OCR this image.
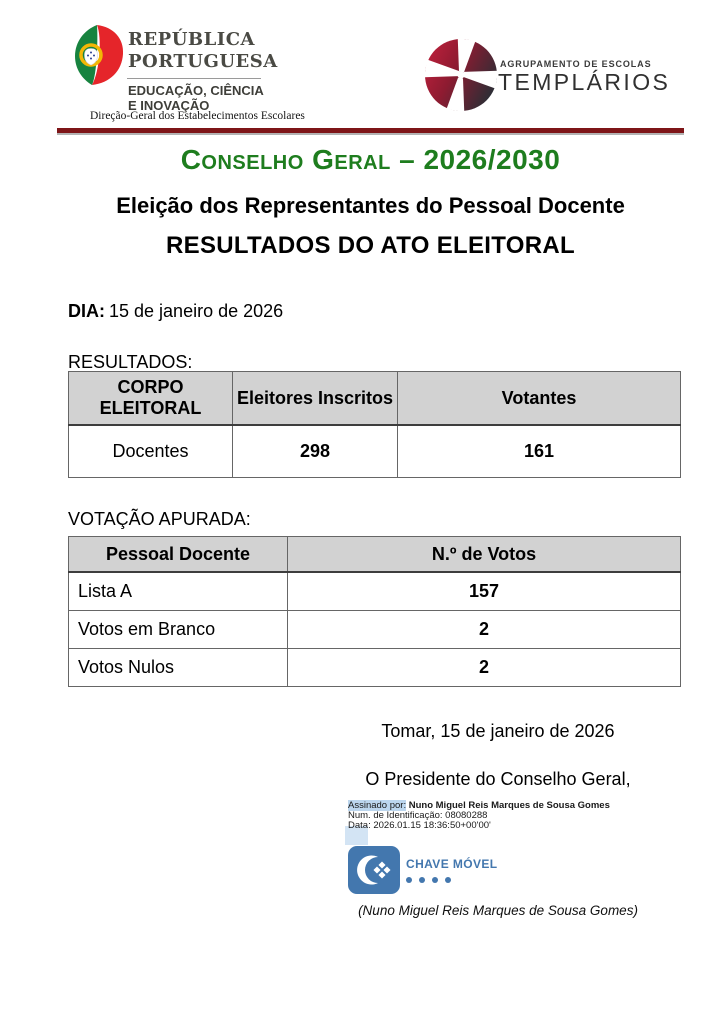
REPÚBLICA
PORTUGUESA
EDUCAÇÃO, CIÊNCIA
E INOVAÇÃO
Direção-Geral dos Estabelecimentos Escolares
AGRUPAMENTO DE ESCOLAS
TEMPLÁRIOS
Conselho Geral – 2026/2030
Eleição dos Representantes do Pessoal Docente
RESULTADOS DO ATO ELEITORAL
DIA: 15 de janeiro de 2026
RESULTADOS:
CORPO ELEITORAL	Eleitores Inscritos	Votantes
Docentes	298	161
VOTAÇÃO APURADA:
Pessoal Docente	N.º de Votos
Lista A	157
Votos em Branco	2
Votos Nulos	2
Tomar, 15 de janeiro de 2026
O Presidente do Conselho Geral,
Assinado por: Nuno Miguel Reis Marques de Sousa Gomes
Num. de Identificação: 08080288
Data: 2026.01.15 18:36:50+00'00'
CHAVE MÓVEL
(Nuno Miguel Reis Marques de Sousa Gomes)
